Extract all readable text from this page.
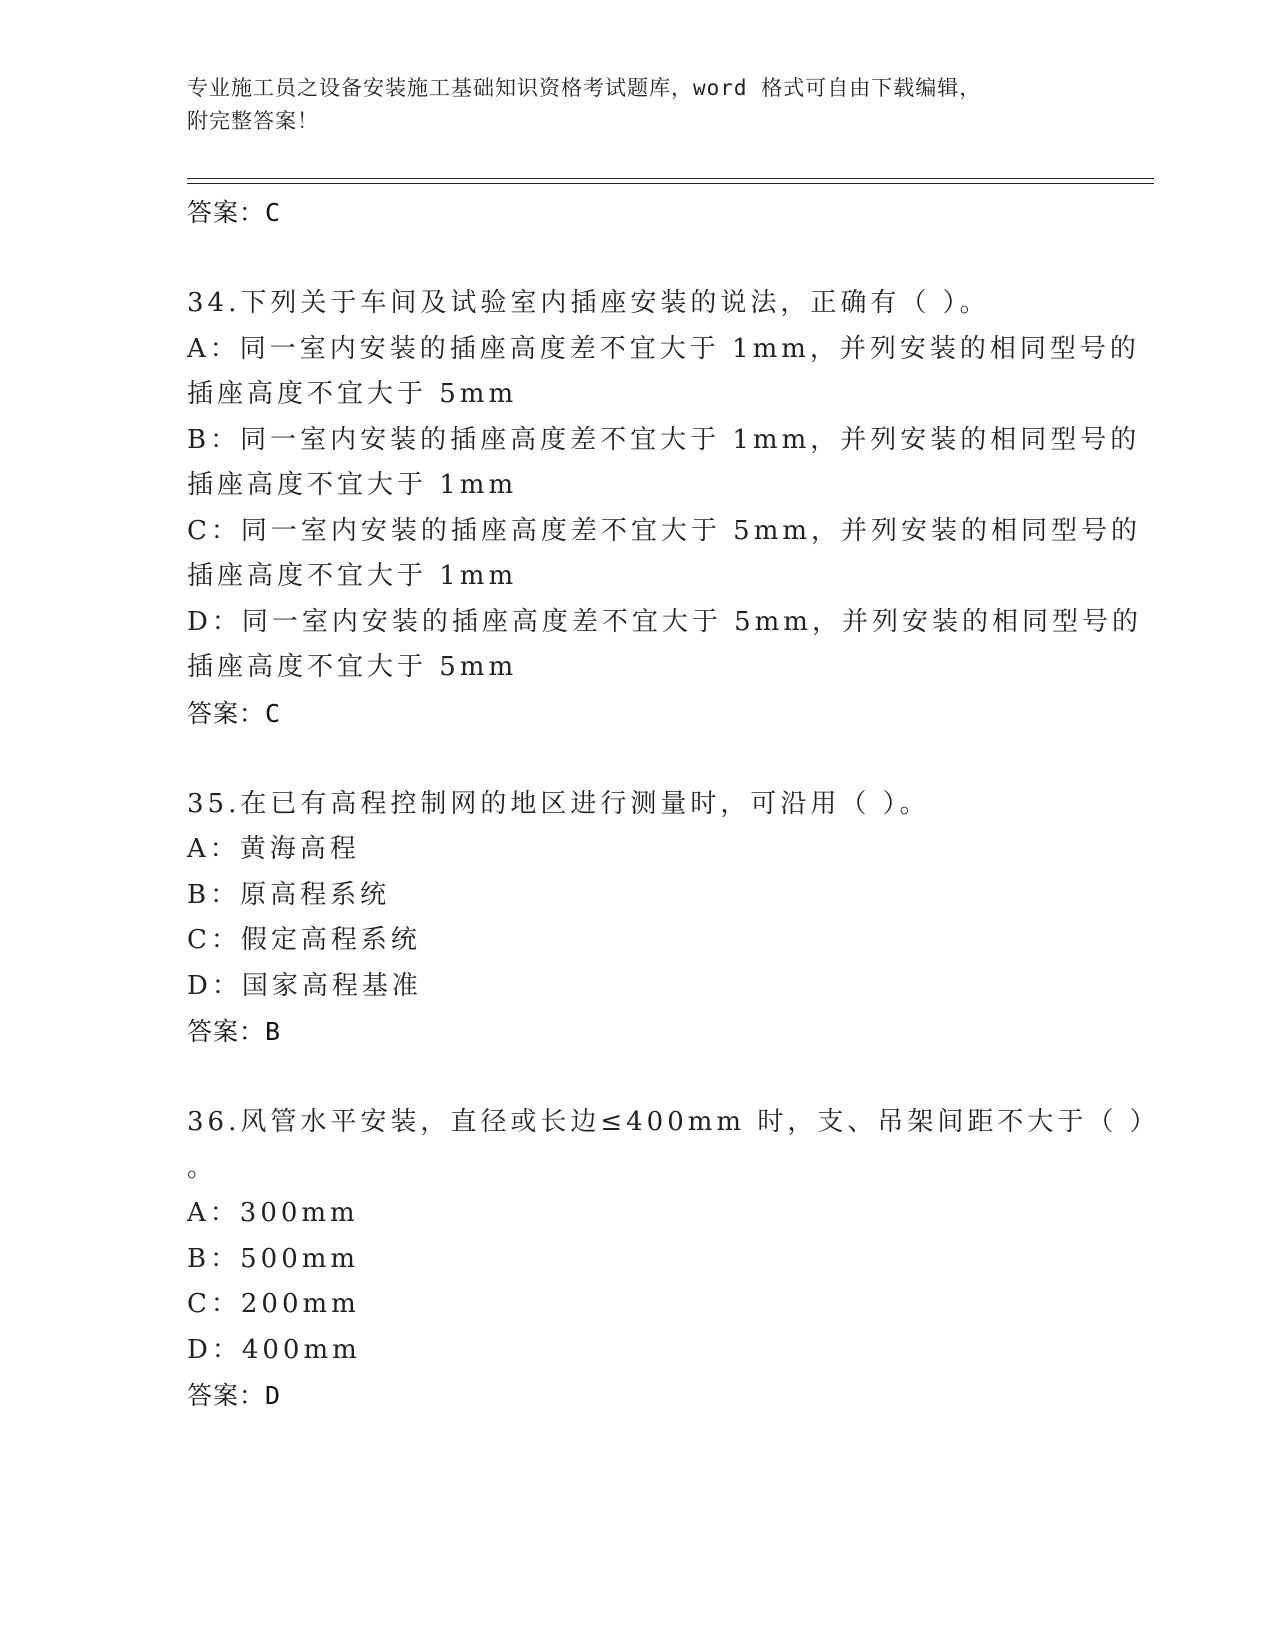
专业施工员之设备安装施工基础知识资格考试题库，word 格式可自由下载编辑，
附完整答案！
答案：C
34.下列关于车间及试验室内插座安装的说法，正确有（ ）。
A：同一室内安装的插座高度差不宜大于 1mm，并列安装的相同型号的
插座高度不宜大于 5mm
B：同一室内安装的插座高度差不宜大于 1mm，并列安装的相同型号的
插座高度不宜大于 1mm
C：同一室内安装的插座高度差不宜大于 5mm，并列安装的相同型号的
插座高度不宜大于 1mm
D：同一室内安装的插座高度差不宜大于 5mm，并列安装的相同型号的
插座高度不宜大于 5mm
答案：C
35.在已有高程控制网的地区进行测量时，可沿用（ ）。
A：黄海高程
B：原高程系统
C：假定高程系统
D：国家高程基准
答案：B
36.风管水平安装，直径或长边≤400mm 时，支、吊架间距不大于（ ）
。
A：300mm
B：500mm
C：200mm
D：400mm
答案：D
